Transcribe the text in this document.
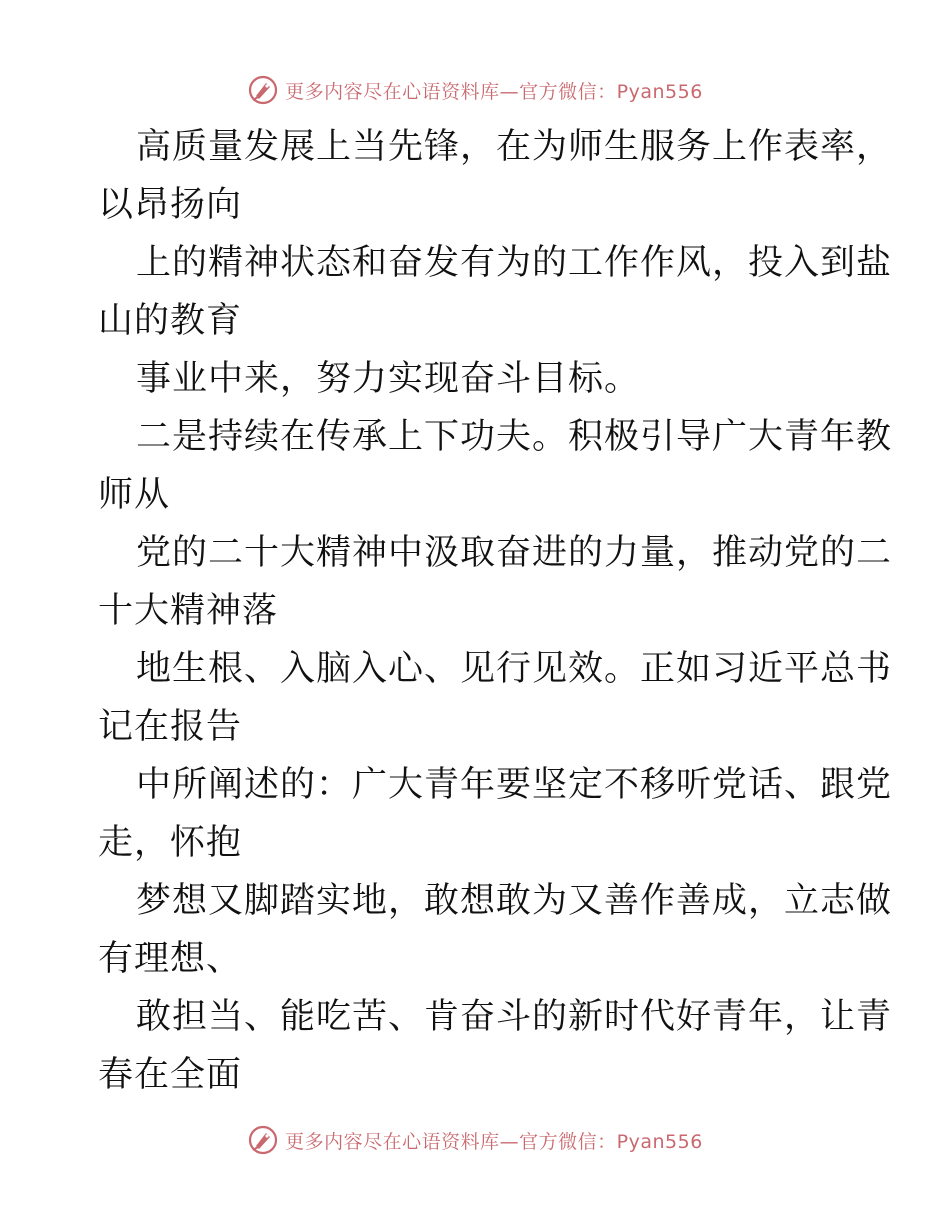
更多内容尽在心语资料库—官方微信：Pyan556
高质量发展上当先锋，在为师生服务上作表率，
以昂扬向
上的精神状态和奋发有为的工作作风，投入到盐
山的教育
事业中来，努力实现奋斗目标。
二是持续在传承上下功夫。积极引导广大青年教
师从
党的二十大精神中汲取奋进的力量，推动党的二
十大精神落
地生根、入脑入心、见行见效。正如习近平总书
记在报告
中所阐述的：广大青年要坚定不移听党话、跟党
走，怀抱
梦想又脚踏实地，敢想敢为又善作善成，立志做
有理想、
敢担当、能吃苦、肯奋斗的新时代好青年，让青
春在全面
更多内容尽在心语资料库—官方微信：Pyan556
